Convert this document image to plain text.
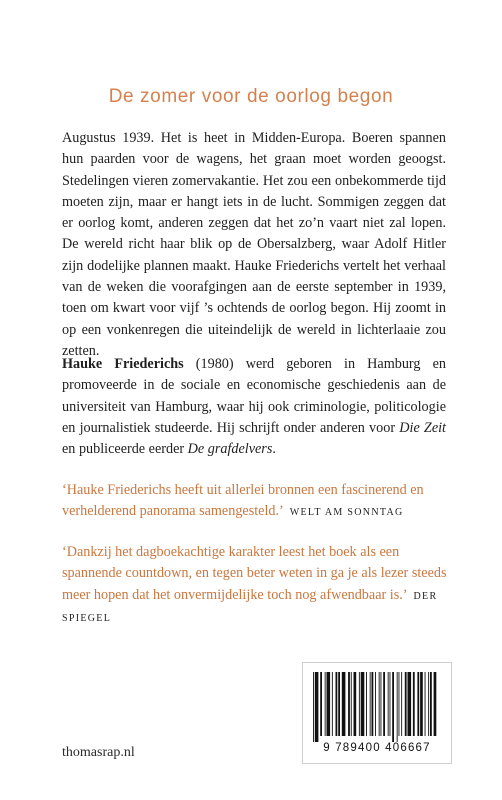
De zomer voor de oorlog begon

Augustus 1939. Het is heet in Midden-Europa. Boeren spannen hun paarden voor de wagens, het graan moet worden geoogst. Stedelingen vieren zomervakantie. Het zou een onbekommerde tijd moeten zijn, maar er hangt iets in de lucht. Sommigen zeggen dat er oorlog komt, anderen zeggen dat het zo’n vaart niet zal lopen. De wereld richt haar blik op de Obersalzberg, waar Adolf Hitler zijn dodelijke plannen maakt. Hauke Friederichs vertelt het verhaal van de weken die voorafgingen aan de eerste september in 1939, toen om kwart voor vijf ’s ochtends de oorlog begon. Hij zoomt in op een vonkenregen die uiteindelijk de wereld in lichterlaaie zou zetten.

Hauke Friederichs (1980) werd geboren in Hamburg en promoveerde in de sociale en economische geschiedenis aan de universiteit van Hamburg, waar hij ook criminologie, politicologie en journalistiek studeerde. Hij schrijft onder anderen voor Die Zeit en publiceerde eerder De grafdelvers.

‘Hauke Friederichs heeft uit allerlei bronnen een fascinerend en verhelderend panorama samengesteld.’ WELT AM SONNTAG

‘Dankzij het dagboekachtige karakter leest het boek als een spannende countdown, en tegen beter weten in ga je als lezer steeds meer hopen dat het onvermijdelijke toch nog afwendbaar is.’ DER SPIEGEL

9 789400 406667

thomasrap.nl
